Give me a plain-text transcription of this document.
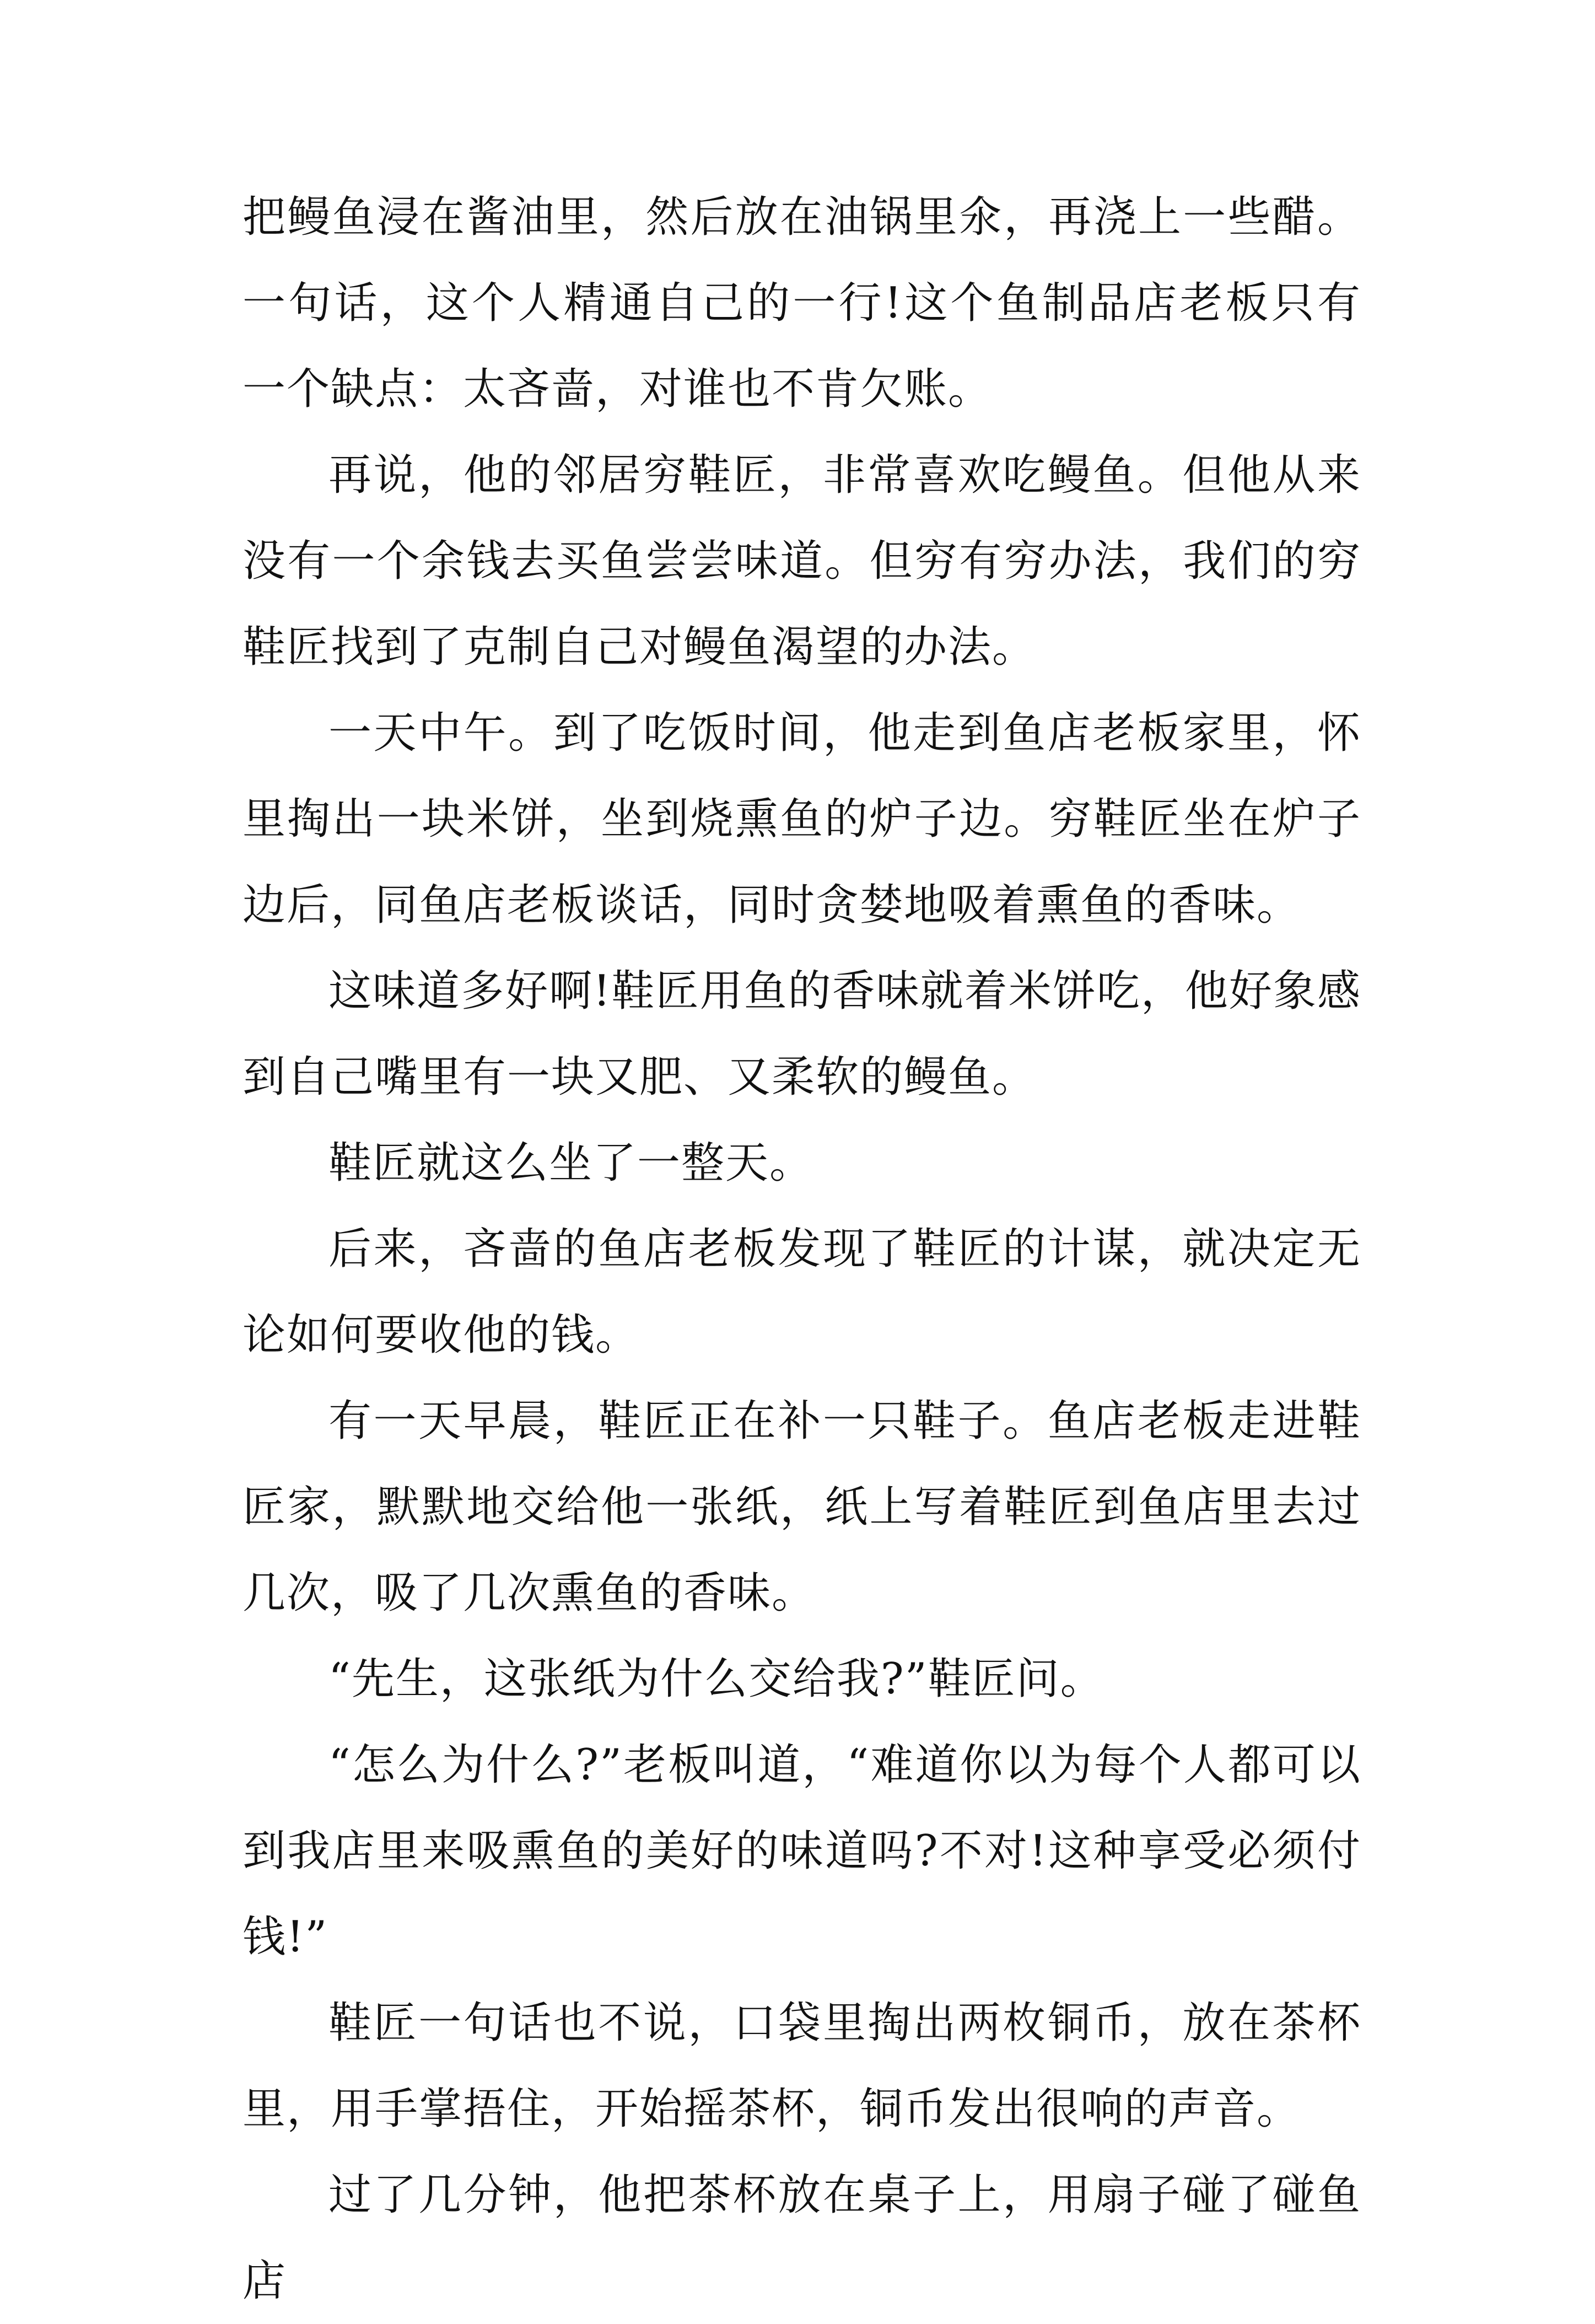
把鳗鱼浸在酱油里，然后放在油锅里氽，再浇上一些醋。一句话，这个人精通自己的一行!这个鱼制品店老板只有一个缺点：太吝啬，对谁也不肯欠账。

再说，他的邻居穷鞋匠，非常喜欢吃鳗鱼。但他从来没有一个余钱去买鱼尝尝味道。但穷有穷办法，我们的穷鞋匠找到了克制自己对鳗鱼渴望的办法。

一天中午。到了吃饭时间，他走到鱼店老板家里，怀里掏出一块米饼，坐到烧熏鱼的炉子边。穷鞋匠坐在炉子边后，同鱼店老板谈话，同时贪婪地吸着熏鱼的香味。

这味道多好啊!鞋匠用鱼的香味就着米饼吃，他好象感到自己嘴里有一块又肥、又柔软的鳗鱼。

鞋匠就这么坐了一整天。

后来，吝啬的鱼店老板发现了鞋匠的计谋，就决定无论如何要收他的钱。

有一天早晨，鞋匠正在补一只鞋子。鱼店老板走进鞋匠家，默默地交给他一张纸，纸上写着鞋匠到鱼店里去过几次，吸了几次熏鱼的香味。

“先生，这张纸为什么交给我?”鞋匠问。

“怎么为什么?”老板叫道，“难道你以为每个人都可以到我店里来吸熏鱼的美好的味道吗?不对!这种享受必须付钱!”

鞋匠一句话也不说，口袋里掏出两枚铜币，放在茶杯里，用手掌捂住，开始摇茶杯，铜币发出很响的声音。

过了几分钟，他把茶杯放在桌子上，用扇子碰了碰鱼店
